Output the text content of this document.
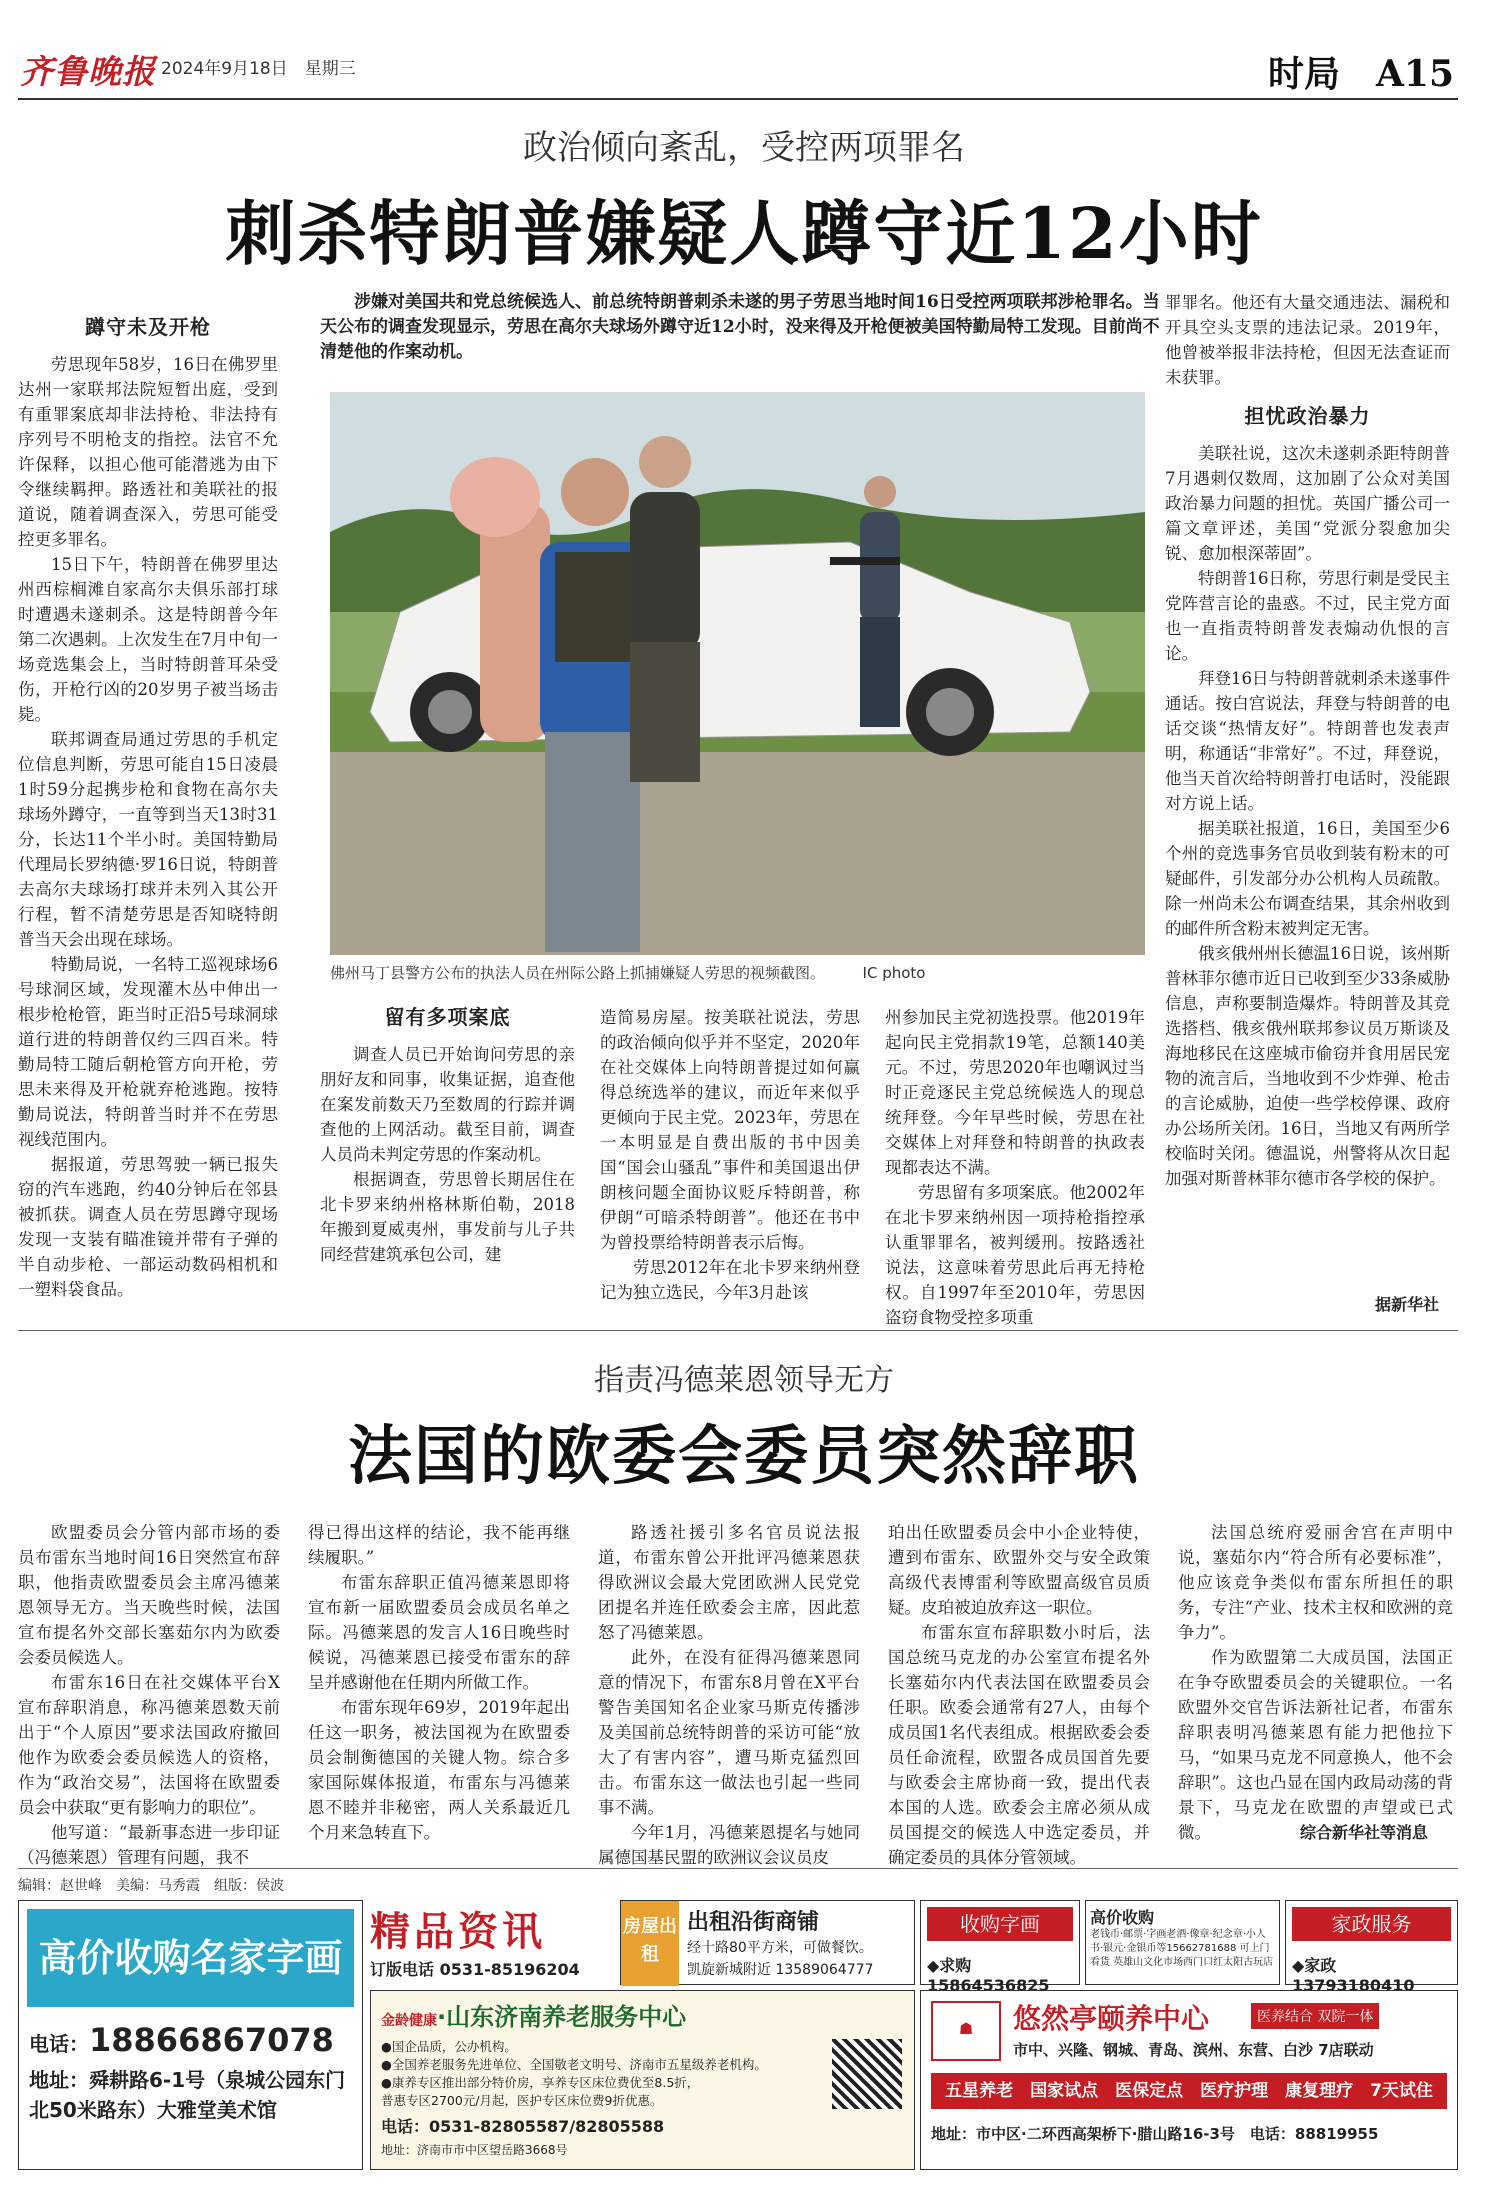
齐鲁晚报 2024年9月18日　 星期三	时局　 A15
政治倾向紊乱，受控两项罪名
刺杀特朗普嫌疑人蹲守近12小时
涉嫌对美国共和党总统候选人、前总统特朗普刺杀未遂的男子劳思当地时间16日受控两项联邦涉枪罪名。当天公布的调查发现显示，劳思在高尔夫球场外蹲守近12小时，没来得及开枪便被美国特勤局特工发现。目前尚不清楚他的作案动机。

蹲守未及开枪

劳思现年58岁，16日在佛罗里达州一家联邦法院短暂出庭，受到有重罪案底却非法持枪、非法持有序列号不明枪支的指控。法官不允许保释，以担心他可能潜逃为由下令继续羁押。路透社和美联社的报道说，随着调查深入，劳思可能受控更多罪名。

15日下午，特朗普在佛罗里达州西棕榈滩自家高尔夫俱乐部打球时遭遇未遂刺杀。这是特朗普今年第二次遇刺。上次发生在7月中旬一场竞选集会上，当时特朗普耳朵受伤，开枪行凶的20岁男子被当场击毙。

联邦调查局通过劳思的手机定位信息判断，劳思可能自15日凌晨1时59分起携步枪和食物在高尔夫球场外蹲守，一直等到当天13时31分，长达11个半小时。美国特勤局代理局长罗纳德·罗16日说，特朗普去高尔夫球场打球并未列入其公开行程，暂不清楚劳思是否知晓特朗普当天会出现在球场。

特勤局说，一名特工巡视球场6号球洞区域，发现灌木丛中伸出一根步枪枪管，距当时正沿5号球洞球道行进的特朗普仅约三四百米。特勤局特工随后朝枪管方向开枪，劳思未来得及开枪就弃枪逃跑。按特勤局说法，特朗普当时并不在劳思视线范围内。

据报道，劳思驾驶一辆已报失窃的汽车逃跑，约40分钟后在邻县被抓获。调查人员在劳思蹲守现场发现一支装有瞄准镜并带有子弹的半自动步枪、一部运动数码相机和一塑料袋食品。

佛州马丁县警方公布的执法人员在州际公路上抓捕嫌疑人劳思的视频截图。　　　	IC photo

留有多项案底

调查人员已开始询问劳思的亲朋好友和同事，收集证据，追查他在案发前数天乃至数周的行踪并调查他的上网活动。截至目前，调查人员尚未判定劳思的作案动机。

根据调查，劳思曾长期居住在北卡罗来纳州格林斯伯勒，2018年搬到夏威夷州，事发前与儿子共同经营建筑承包公司，建

造简易房屋。按美联社说法，劳思的政治倾向似乎并不坚定，2020年在社交媒体上向特朗普提过如何赢得总统选举的建议，而近年来似乎更倾向于民主党。2023年，劳思在一本明显是自费出版的书中因美国“国会山骚乱”事件和美国退出伊朗核问题全面协议贬斥特朗普，称伊朗“可暗杀特朗普”。他还在书中为曾投票给特朗普表示后悔。

劳思2012年在北卡罗来纳州登记为独立选民，今年3月赴该

州参加民主党初选投票。他2019年起向民主党捐款19笔，总额140美元。不过，劳思2020年也嘲讽过当时正竞逐民主党总统候选人的现总统拜登。今年早些时候，劳思在社交媒体上对拜登和特朗普的执政表现都表达不满。

劳思留有多项案底。他2002年在北卡罗来纳州因一项持枪指控承认重罪罪名，被判缓刑。按路透社说法，这意味着劳思此后再无持枪权。自1997年至2010年，劳思因盗窃食物受控多项重

罪罪名。他还有大量交通违法、漏税和开具空头支票的违法记录。2019年，他曾被举报非法持枪，但因无法查证而未获罪。

担忧政治暴力

美联社说，这次未遂刺杀距特朗普7月遇刺仅数周，这加剧了公众对美国政治暴力问题的担忧。英国广播公司一篇文章评述，美国“党派分裂愈加尖锐、愈加根深蒂固”。

特朗普16日称，劳思行刺是受民主党阵营言论的蛊惑。不过，民主党方面也一直指责特朗普发表煽动仇恨的言论。

拜登16日与特朗普就刺杀未遂事件通话。按白宫说法，拜登与特朗普的电话交谈“热情友好”。特朗普也发表声明，称通话“非常好”。不过，拜登说，他当天首次给特朗普打电话时，没能跟对方说上话。

据美联社报道，16日，美国至少6个州的竞选事务官员收到装有粉末的可疑邮件，引发部分办公机构人员疏散。除一州尚未公布调查结果，其余州收到的邮件所含粉末被判定无害。

俄亥俄州州长德温16日说，该州斯普林菲尔德市近日已收到至少33条威胁信息，声称要制造爆炸。特朗普及其竞选搭档、俄亥俄州联邦参议员万斯谈及海地移民在这座城市偷窃并食用居民宠物的流言后，当地收到不少炸弹、枪击的言论威胁，迫使一些学校停课、政府办公场所关闭。16日，当地又有两所学校临时关闭。德温说，州警将从次日起加强对斯普林菲尔德市各学校的保护。

据新华社
指责冯德莱恩领导无方
法国的欧委会委员突然辞职

欧盟委员会分管内部市场的委员布雷东当地时间16日突然宣布辞职，他指责欧盟委员会主席冯德莱恩领导无方。当天晚些时候，法国宣布提名外交部长塞茹尔内为欧委会委员候选人。

布雷东16日在社交媒体平台X宣布辞职消息，称冯德莱恩数天前出于“个人原因”要求法国政府撤回他作为欧委会委员候选人的资格，作为“政治交易”，法国将在欧盟委员会中获取“更有影响力的职位”。

他写道：“最新事态进一步印证（冯德莱恩）管理有问题，我不

得已得出这样的结论，我不能再继续履职。”

布雷东辞职正值冯德莱恩即将宣布新一届欧盟委员会成员名单之际。冯德莱恩的发言人16日晚些时候说，冯德莱恩已接受布雷东的辞呈并感谢他在任期内所做工作。

布雷东现年69岁，2019年起出任这一职务，被法国视为在欧盟委员会制衡德国的关键人物。综合多家国际媒体报道，布雷东与冯德莱恩不睦并非秘密，两人关系最近几个月来急转直下。

路透社援引多名官员说法报道，布雷东曾公开批评冯德莱恩获得欧洲议会最大党团欧洲人民党党团提名并连任欧委会主席，因此惹怒了冯德莱恩。

此外，在没有征得冯德莱恩同意的情况下，布雷东8月曾在X平台警告美国知名企业家马斯克传播涉及美国前总统特朗普的采访可能“放大了有害内容”，遭马斯克猛烈回击。布雷东这一做法也引起一些同事不满。

今年1月，冯德莱恩提名与她同属德国基民盟的欧洲议会议员皮

珀出任欧盟委员会中小企业特使，遭到布雷东、欧盟外交与安全政策高级代表博雷利等欧盟高级官员质疑。皮珀被迫放弃这一职位。

布雷东宣布辞职数小时后，法国总统马克龙的办公室宣布提名外长塞茹尔内代表法国在欧盟委员会任职。欧委会通常有27人，由每个成员国1名代表组成。根据欧委会委员任命流程，欧盟各成员国首先要与欧委会主席协商一致，提出代表本国的人选。欧委会主席必须从成员国提交的候选人中选定委员，并确定委员的具体分管领域。

法国总统府爱丽舍宫在声明中说，塞茹尔内“符合所有必要标准”，他应该竞争类似布雷东所担任的职务，专注“产业、技术主权和欧洲的竞争力”。

作为欧盟第二大成员国，法国正在争夺欧盟委员会的关键职位。一名欧盟外交官告诉法新社记者，布雷东辞职表明冯德莱恩有能力把他拉下马，“如果马克龙不同意换人，他不会辞职”。这也凸显在国内政局动荡的背景下，马克龙在欧盟的声望或已式微。	综合新华社等消息
编辑：赵世峰　美编：马秀霞　组版：侯波
高价收购名家字画
电话：18866867078
地址：舜耕路6-1号（泉城公园东门北50米路东）大雅堂美术馆
精品资讯
订版电话 0531-85196204
房屋出租
出租沿街商铺
经十路80平方米，可做餐饮。
凯旋新城附近 13589064777
收购字画
◆求购15864536825
高价收购
老钱币·邮票·字画老酒·像章·纪念章·小人书·银元·金银币等15662781688 可上门看货 英雄山文化市场西门口红太阳古玩店
家政服务
◆家政13793180410
金龄健康·山东济南养老服务中心
●国企品质，公办机构。
●全国养老服务先进单位、全国敬老文明号、济南市五星级养老机构。
●康养专区推出部分特价房，享养专区床位费优至8.5折，
普惠专区2700元/月起，医护专区床位费9折优惠。
电话：0531-82805587/82805588
地址：济南市市中区望岳路3668号
☗	悠然亭颐养中心	医养结合 双院一体
市中、兴隆、钢城、青岛、滨州、东营、白沙 7店联动
五星养老　国家试点　医保定点　医疗护理　康复理疗　7天试住
地址：市中区·二环西高架桥下·腊山路16-3号　电话：88819955
